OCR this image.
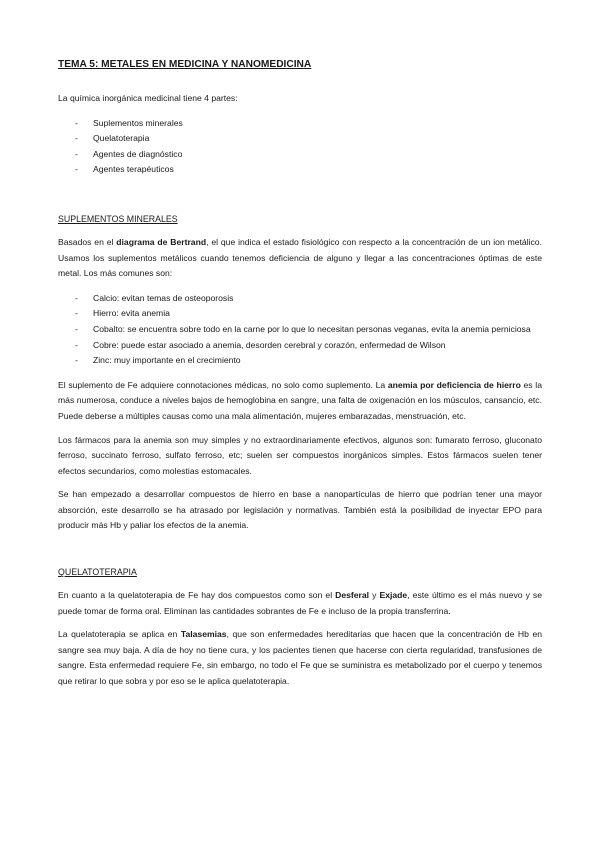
TEMA 5: METALES EN MEDICINA Y NANOMEDICINA

La química inorgánica medicinal tiene 4 partes:

- Suplementos minerales
- Quelatoterapia
- Agentes de diagnóstico
- Agentes terapéuticos
SUPLEMENTOS MINERALES

Basados en el diagrama de Bertrand, el que indica el estado fisiológico con respecto a la concentración de un ion metálico. Usamos los suplementos metálicos cuando tenemos deficiencia de alguno y llegar a las concentraciones óptimas de este metal. Los más comunes son:

- Calcio: evitan temas de osteoporosis
- Hierro: evita anemia
- Cobalto: se encuentra sobre todo en la carne por lo que lo necesitan personas veganas, evita la anemia perniciosa
- Cobre: puede estar asociado a anemia, desorden cerebral y corazón, enfermedad de Wilson
- Zinc: muy importante en el crecimiento

El suplemento de Fe adquiere connotaciones médicas, no solo como suplemento. La anemia por deficiencia de hierro es la más numerosa, conduce a niveles bajos de hemoglobina en sangre, una falta de oxigenación en los músculos, cansancio, etc. Puede deberse a múltiples causas como una mala alimentación, mujeres embarazadas, menstruación, etc.

Los fármacos para la anemia son muy simples y no extraordinariamente efectivos, algunos son: fumarato ferroso, gluconato ferroso, succinato ferroso, sulfato ferroso, etc; suelen ser compuestos inorgánicos simples. Estos fármacos suelen tener efectos secundarios, como molestias estomacales.

Se han empezado a desarrollar compuestos de hierro en base a nanopartículas de hierro que podrían tener una mayor absorción, este desarrollo se ha atrasado por legislación y normativas. También está la posibilidad de inyectar EPO para producir más Hb y paliar los efectos de la anemia.

QUELATOTERAPIA

En cuanto a la quelatoterapia de Fe hay dos compuestos como son el Desferal y Exjade, este último es el más nuevo y se puede tomar de forma oral. Eliminan las cantidades sobrantes de Fe e incluso de la propia transferrina.

La quelatoterapia se aplica en Talasemias, que son enfermedades hereditarias que hacen que la concentración de Hb en sangre sea muy baja. A día de hoy no tiene cura, y los pacientes tienen que hacerse con cierta regularidad, transfusiones de sangre. Esta enfermedad requiere Fe, sin embargo, no todo el Fe que se suministra es metabolizado por el cuerpo y tenemos que retirar lo que sobra y por eso se le aplica quelatoterapia.
